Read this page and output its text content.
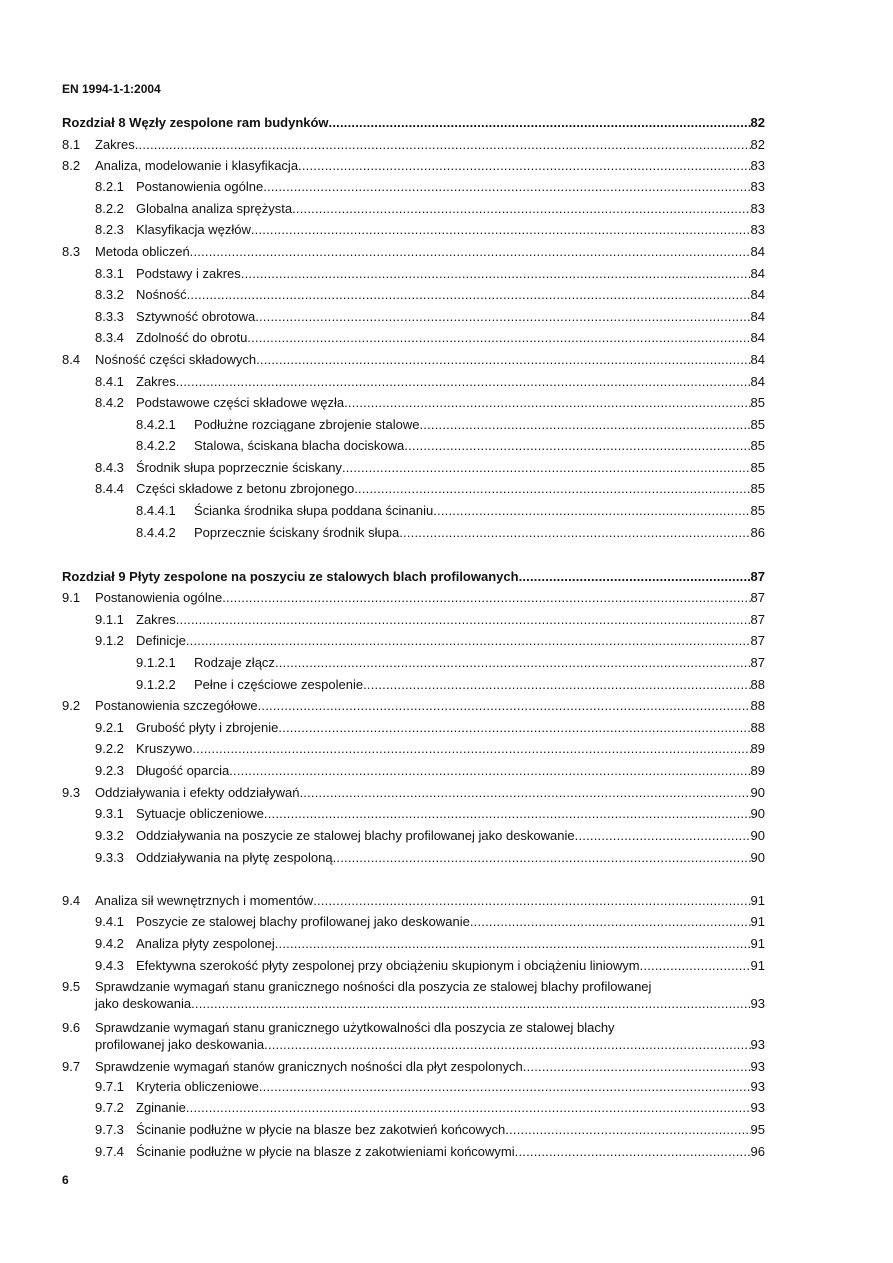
EN 1994-1-1:2004
Rozdział 8 Węzły zespolone ram budynków .....	82
8.1	Zakres .....	82
8.2	Analiza, modelowanie i klasyfikacja .....	83
8.2.1 Postanowienia ogólne .....	83
8.2.2 Globalna analiza sprężysta .....	83
8.2.3 Klasyfikacja węzłów .....	83
8.3	Metoda obliczeń .....	84
8.3.1 Podstawy i zakres .....	84
8.3.2 Nośność .....	84
8.3.3 Sztywność obrotowa .....	84
8.3.4 Zdolność do obrotu .....	84
8.4	Nośność części składowych .....	84
8.4.1 Zakres .....	84
8.4.2 Podstawowe części składowe węzła .....	85
8.4.2.1	Podłużne rozciągane zbrojenie stalowe .....	85
8.4.2.2	Stalowa, ściskana blacha dociskowa .....	85
8.4.3 Środnik słupa poprzecznie ściskany .....	85
8.4.4 Części składowe z betonu zbrojonego .....	85
8.4.4.1	Ścianka środnika słupa poddana ścinaniu .....	85
8.4.4.2	Poprzecznie ściskany środnik słupa .....	86
Rozdział 9 Płyty zespolone na poszyciu ze stalowych blach profilowanych .....	87
9.1	Postanowienia ogólne .....	87
9.1.1 Zakres .....	87
9.1.2 Definicje .....	87
9.1.2.1	Rodzaje złącz .....	87
9.1.2.2	Pełne i częściowe zespolenie .....	88
9.2	Postanowienia szczegółowe .....	88
9.2.1 Grubość płyty i zbrojenie .....	88
9.2.2 Kruszywo .....	89
9.2.3 Długość oparcia .....	89
9.3	Oddziaływania i efekty oddziaływań .....	90
9.3.1 Sytuacje obliczeniowe .....	90
9.3.2 Oddziaływania na poszycie ze stalowej blachy profilowanej jako deskowanie .....	90
9.3.3 Oddziaływania na płytę zespoloną .....	90
9.4	Analiza sił wewnętrznych i momentów .....	91
9.4.1 Poszycie ze stalowej blachy profilowanej jako deskowanie .....	91
9.4.2 Analiza płyty zespolonej .....	91
9.4.3 Efektywna szerokość płyty zespolonej przy obciążeniu skupionym i obciążeniu liniowym .....	91
9.5	Sprawdzanie wymagań stanu granicznego nośności dla poszycia ze stalowej blachy profilowanej
jako deskowania .....	93
9.6	Sprawdzanie wymagań stanu granicznego użytkowalności dla poszycia ze stalowej blachy
profilowanej jako deskowania .....	93
9.7	Sprawdzenie wymagań stanów granicznych nośności dla płyt zespolonych .....	93
9.7.1 Kryteria obliczeniowe .....	93
9.7.2 Zginanie .....	93
9.7.3 Ścinanie podłużne w płycie na blasze bez zakotwień końcowych .....	95
9.7.4 Ścinanie podłużne w płycie na blasze z zakotwieniami końcowymi .....	96
6
